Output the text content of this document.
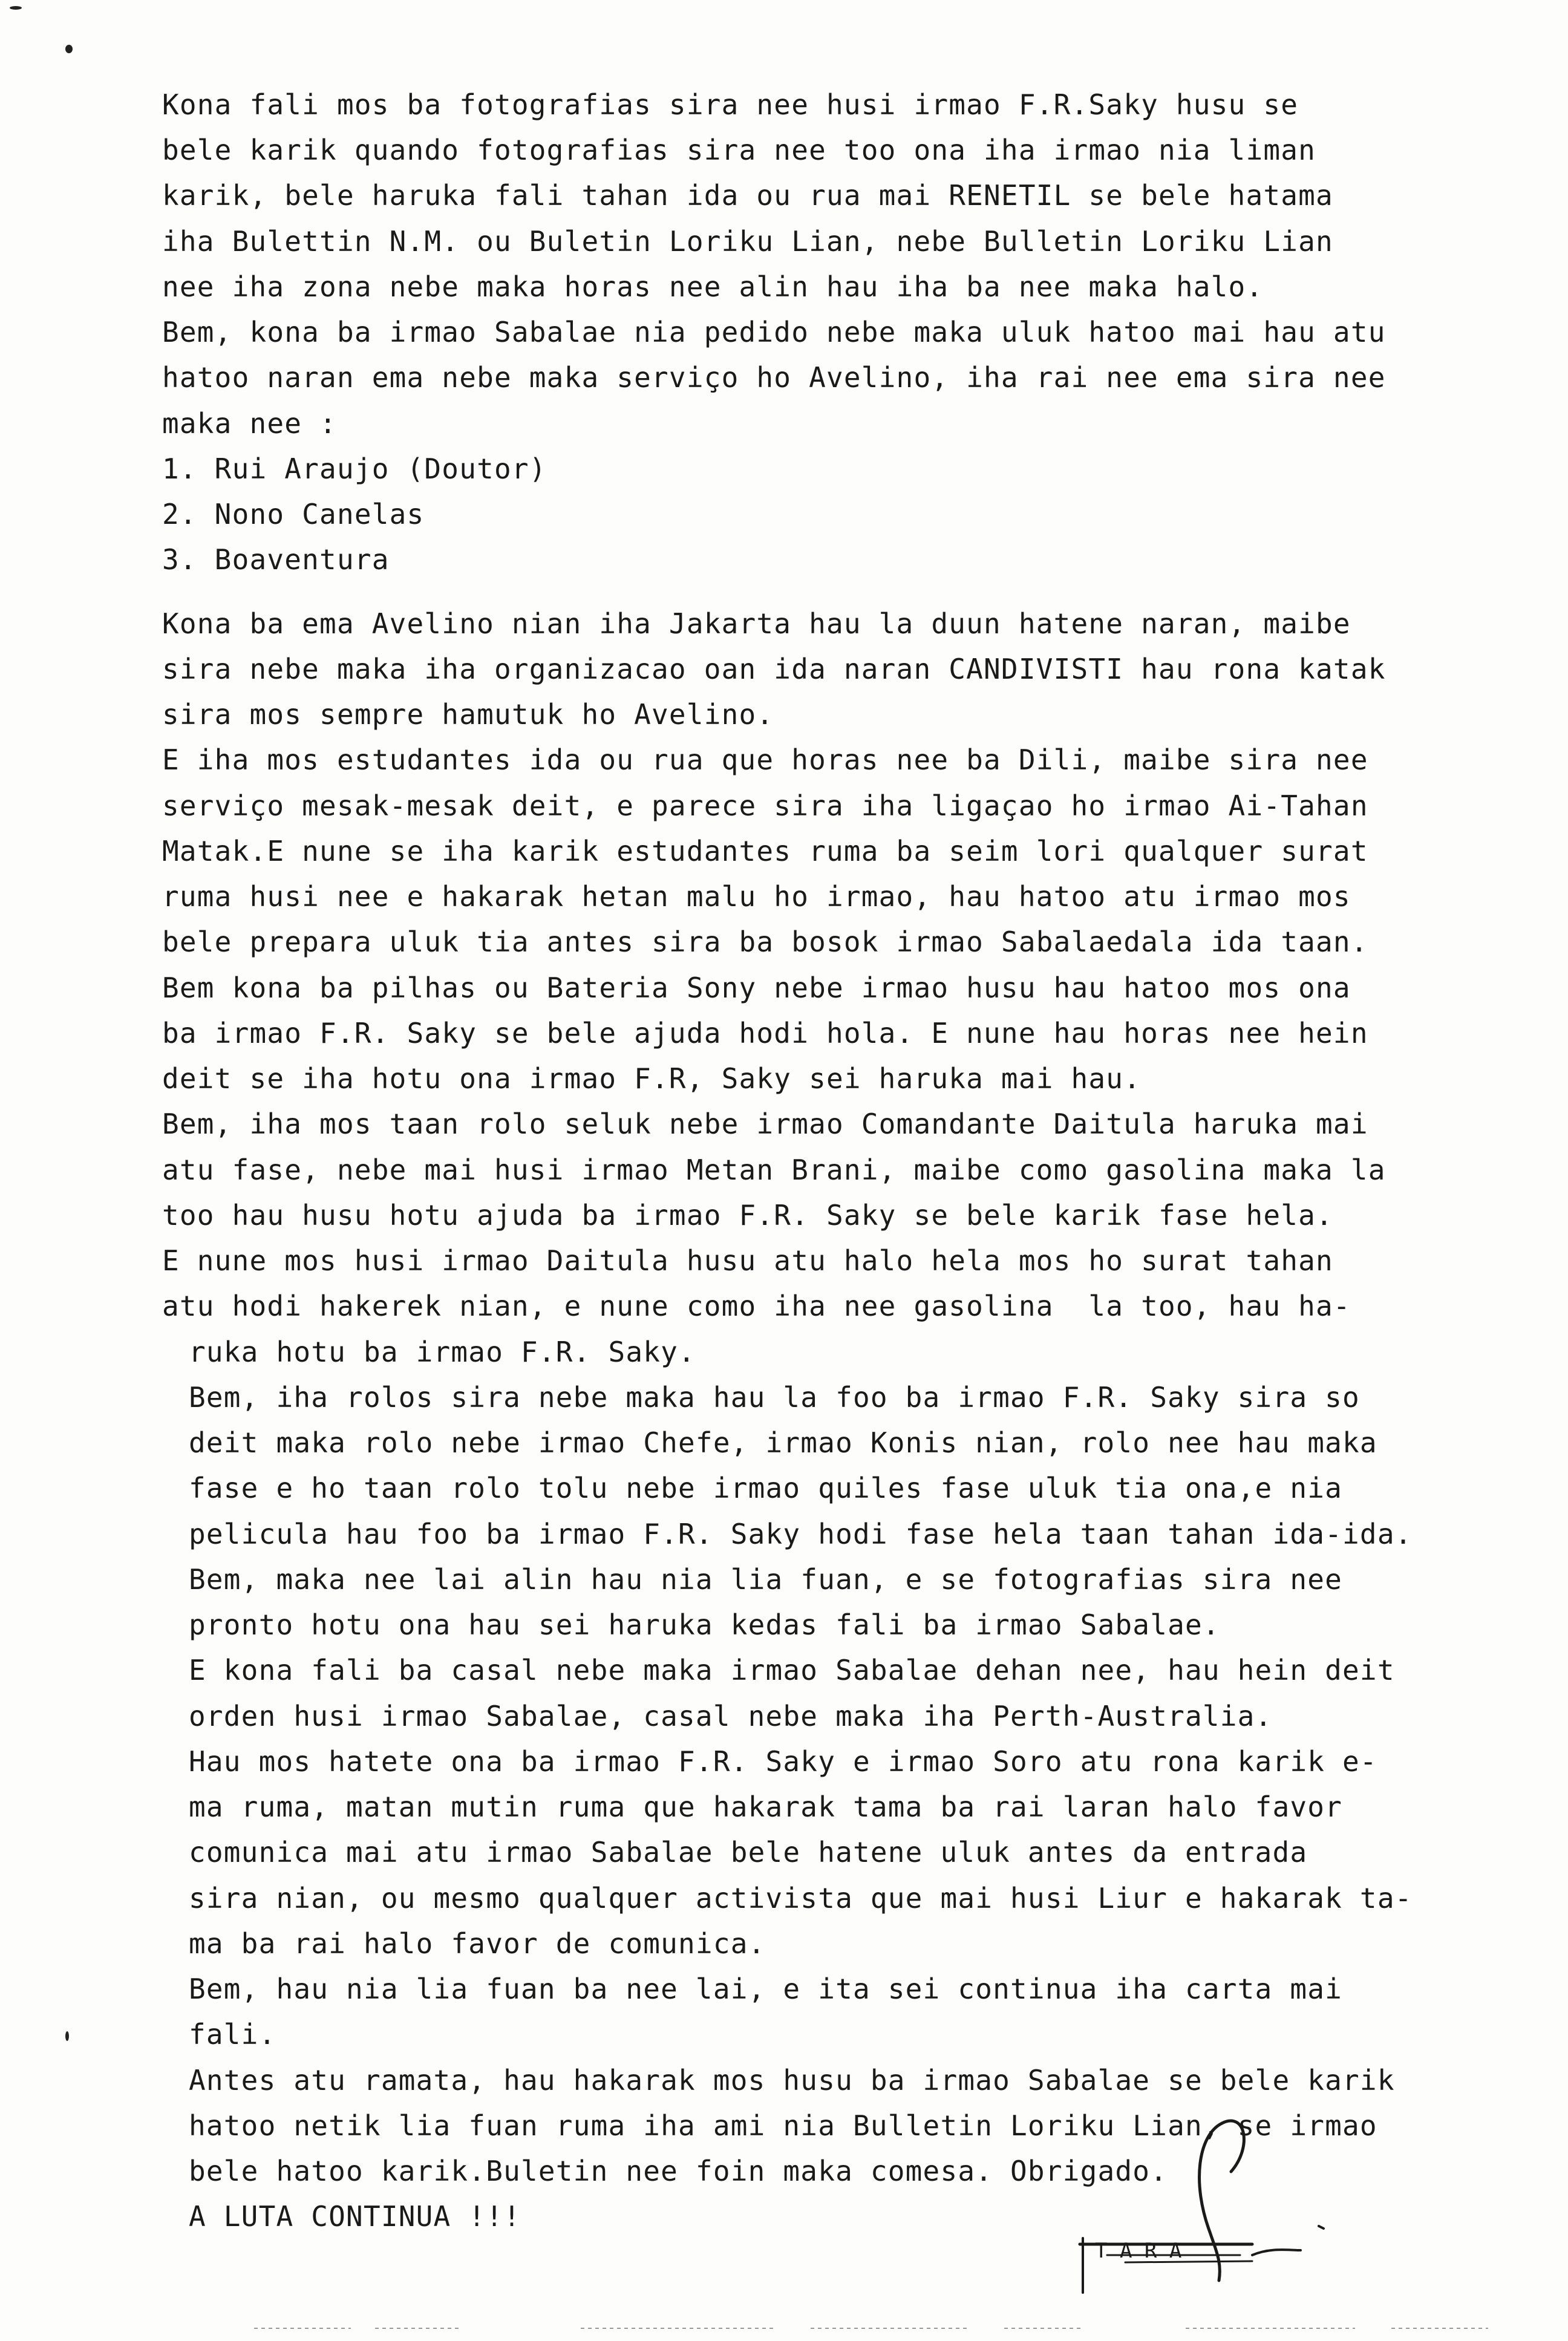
Kona fali mos ba fotografias sira nee husi irmao F.R.Saky husu se
bele karik quando fotografias sira nee too ona iha irmao nia liman
karik, bele haruka fali tahan ida ou rua mai RENETIL se bele hatama
iha Bulettin N.M. ou Buletin Loriku Lian, nebe Bulletin Loriku Lian
nee iha zona nebe maka horas nee alin hau iha ba nee maka halo.
Bem, kona ba irmao Sabalae nia pedido nebe maka uluk hatoo mai hau atu
hatoo naran ema nebe maka serviço ho Avelino, iha rai nee ema sira nee
maka nee :
1. Rui Araujo (Doutor)
2. Nono Canelas
3. Boaventura
Kona ba ema Avelino nian iha Jakarta hau la duun hatene naran, maibe
sira nebe maka iha organizacao oan ida naran CANDIVISTI hau rona katak
sira mos sempre hamutuk ho Avelino.
E iha mos estudantes ida ou rua que horas nee ba Dili, maibe sira nee
serviço mesak-mesak deit, e parece sira iha ligaçao ho irmao Ai-Tahan
Matak.E nune se iha karik estudantes ruma ba seim lori qualquer surat
ruma husi nee e hakarak hetan malu ho irmao, hau hatoo atu irmao mos
bele prepara uluk tia antes sira ba bosok irmao Sabalaedala ida taan.
Bem kona ba pilhas ou Bateria Sony nebe irmao husu hau hatoo mos ona
ba irmao F.R. Saky se bele ajuda hodi hola. E nune hau horas nee hein
deit se iha hotu ona irmao F.R, Saky sei haruka mai hau.
Bem, iha mos taan rolo seluk nebe irmao Comandante Daitula haruka mai
atu fase, nebe mai husi irmao Metan Brani, maibe como gasolina maka la
too hau husu hotu ajuda ba irmao F.R. Saky se bele karik fase hela.
E nune mos husi irmao Daitula husu atu halo hela mos ho surat tahan
atu hodi hakerek nian, e nune como iha nee gasolina  la too, hau ha-
ruka hotu ba irmao F.R. Saky.
Bem, iha rolos sira nebe maka hau la foo ba irmao F.R. Saky sira so
deit maka rolo nebe irmao Chefe, irmao Konis nian, rolo nee hau maka
fase e ho taan rolo tolu nebe irmao quiles fase uluk tia ona,e nia
pelicula hau foo ba irmao F.R. Saky hodi fase hela taan tahan ida-ida.
Bem, maka nee lai alin hau nia lia fuan, e se fotografias sira nee
pronto hotu ona hau sei haruka kedas fali ba irmao Sabalae.
E kona fali ba casal nebe maka irmao Sabalae dehan nee, hau hein deit
orden husi irmao Sabalae, casal nebe maka iha Perth-Australia.
Hau mos hatete ona ba irmao F.R. Saky e irmao Soro atu rona karik e-
ma ruma, matan mutin ruma que hakarak tama ba rai laran halo favor
comunica mai atu irmao Sabalae bele hatene uluk antes da entrada
sira nian, ou mesmo qualquer activista que mai husi Liur e hakarak ta-
ma ba rai halo favor de comunica.
Bem, hau nia lia fuan ba nee lai, e ita sei continua iha carta mai
fali.
Antes atu ramata, hau hakarak mos husu ba irmao Sabalae se bele karik
hatoo netik lia fuan ruma iha ami nia Bulletin Loriku Lian, se irmao
bele hatoo karik.Buletin nee foin maka comesa. Obrigado.
A LUTA CONTINUA !!!
T A R A
